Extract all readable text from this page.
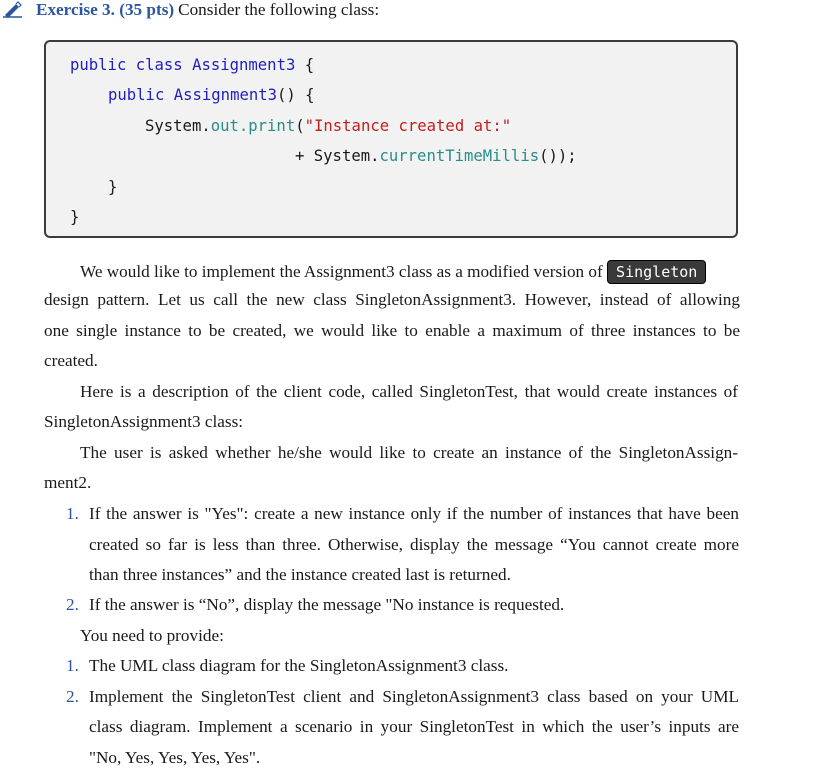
Exercise 3. (35 pts) Consider the following class:
public class Assignment3 {
public Assignment3() {
System.out.print("Instance created at:"
+ System.currentTimeMillis());
}
}
We would like to implement the Assignment3 class as a modified version of Singleton
design pattern. Let us call the new class SingletonAssignment3. However, instead of allowing
one single instance to be created, we would like to enable a maximum of three instances to be
created.
Here is a description of the client code, called SingletonTest, that would create instances of
SingletonAssignment3 class:
The user is asked whether he/she would like to create an instance of the SingletonAssign-
ment2.
1. If the answer is "Yes": create a new instance only if the number of instances that have been
created so far is less than three. Otherwise, display the message “You cannot create more
than three instances” and the instance created last is returned.
2. If the answer is “No”, display the message "No instance is requested.
You need to provide:
1. The UML class diagram for the SingletonAssignment3 class.
2. Implement the SingletonTest client and SingletonAssignment3 class based on your UML
class diagram. Implement a scenario in your SingletonTest in which the user’s inputs are
"No, Yes, Yes, Yes, Yes".
